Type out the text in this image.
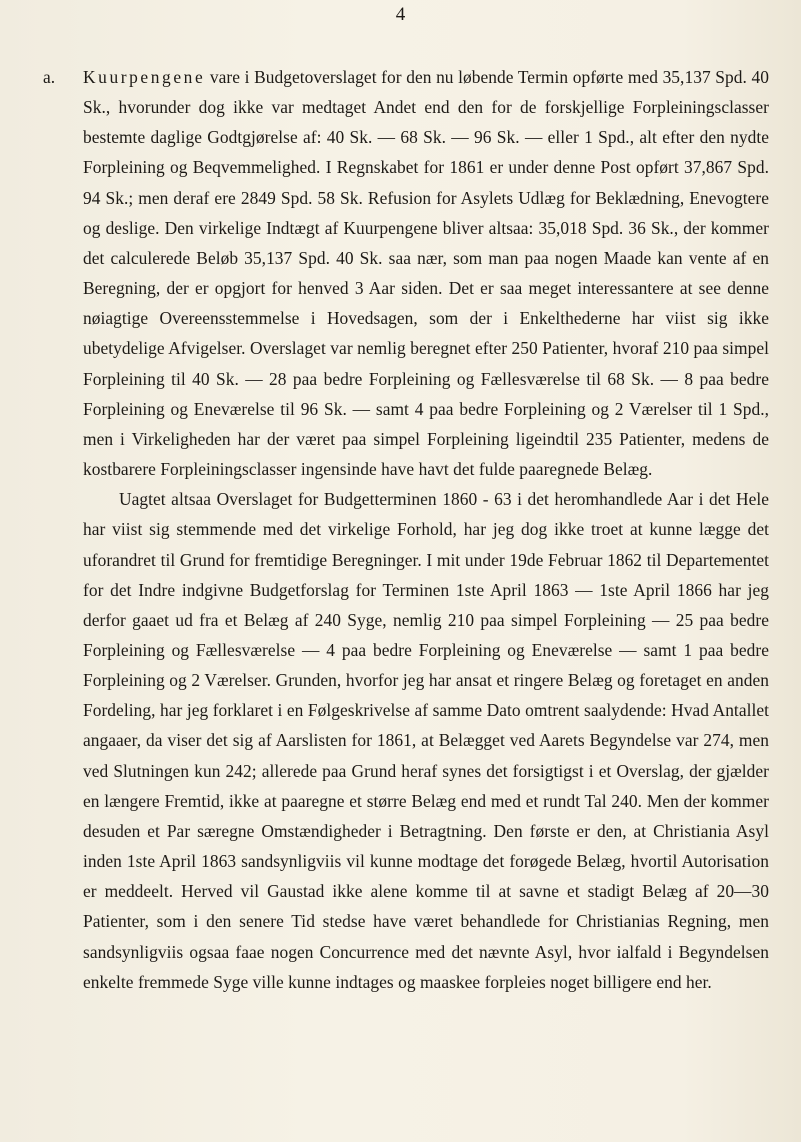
4

a. Kuurpengene vare i Budgetoverslaget for den nu løbende Termin opførte med 35,137 Spd. 40 Sk., hvorunder dog ikke var medtaget Andet end den for de forskjellige Forpleiningsclasser bestemte daglige Godtgjørelse af: 40 Sk. — 68 Sk. — 96 Sk. — eller 1 Spd., alt efter den nydte Forpleining og Beqvemmelighed. I Regnskabet for 1861 er under denne Post opført 37,867 Spd. 94 Sk.; men deraf ere 2849 Spd. 58 Sk. Refusion for Asylets Udlæg for Beklædning, Enevogtere og deslige. Den virkelige Indtægt af Kuurpengene bliver altsaa: 35,018 Spd. 36 Sk., der kommer det calculerede Beløb 35,137 Spd. 40 Sk. saa nær, som man paa nogen Maade kan vente af en Beregning, der er opgjort for henved 3 Aar siden. Det er saa meget interessantere at see denne nøiagtige Overeensstemmelse i Hovedsagen, som der i Enkelthederne har viist sig ikke ubetydelige Afvigelser. Overslaget var nemlig beregnet efter 250 Patienter, hvoraf 210 paa simpel Forpleining til 40 Sk. — 28 paa bedre Forpleining og Fællesværelse til 68 Sk. — 8 paa bedre Forpleining og Eneværelse til 96 Sk. — samt 4 paa bedre Forpleining og 2 Værelser til 1 Spd., men i Virkeligheden har der været paa simpel Forpleining ligeindtil 235 Patienter, medens de kostbarere Forpleiningsclasser ingensinde have havt det fulde paaregnede Belæg.

Uagtet altsaa Overslaget for Budgetterminen 1860 - 63 i det heromhandlede Aar i det Hele har viist sig stemmende med det virkelige Forhold, har jeg dog ikke troet at kunne lægge det uforandret til Grund for fremtidige Beregninger. I mit under 19de Februar 1862 til Departementet for det Indre indgivne Budgetforslag for Terminen 1ste April 1863 — 1ste April 1866 har jeg derfor gaaet ud fra et Belæg af 240 Syge, nemlig 210 paa simpel Forpleining — 25 paa bedre Forpleining og Fællesværelse — 4 paa bedre Forpleining og Eneværelse — samt 1 paa bedre Forpleining og 2 Værelser. Grunden, hvorfor jeg har ansat et ringere Belæg og foretaget en anden Fordeling, har jeg forklaret i en Følgeskrivelse af samme Dato omtrent saalydende: Hvad Antallet angaaer, da viser det sig af Aarslisten for 1861, at Belægget ved Aarets Begyndelse var 274, men ved Slutningen kun 242; allerede paa Grund heraf synes det forsigtigst i et Overslag, der gjælder en længere Fremtid, ikke at paaregne et større Belæg end med et rundt Tal 240. Men der kommer desuden et Par særegne Omstændigheder i Betragtning. Den første er den, at Christiania Asyl inden 1ste April 1863 sandsynligviis vil kunne modtage det forøgede Belæg, hvortil Autorisation er meddeelt. Herved vil Gaustad ikke alene komme til at savne et stadigt Belæg af 20—30 Patienter, som i den senere Tid stedse have været behandlede for Christianias Regning, men sandsynligviis ogsaa faae nogen Concurrence med det nævnte Asyl, hvor ialfald i Begyndelsen enkelte fremmede Syge ville kunne indtages og maaskee forpleies noget billigere end her.
